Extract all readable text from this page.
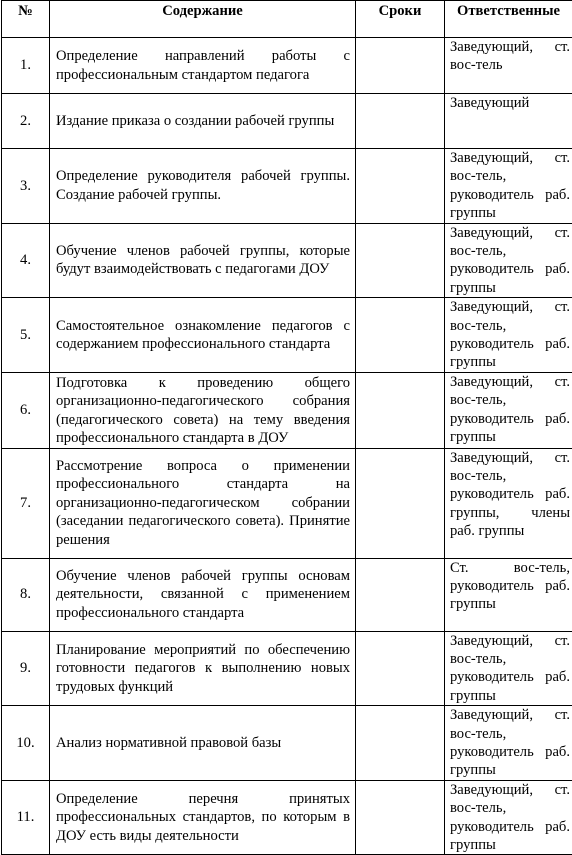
№	Содержание	Сроки	Ответственные
1.	Определение направлений работы с профессиональным стандартом педагога		Заведующий, ст. вос-тель

2.	Издание приказа о создании рабочей группы		Заведующий

3.	Определение руководителя рабочей группы. Создание рабочей группы.		Заведующий, ст. вос-тель, руководитель раб. группы

4.	Обучение членов рабочей группы, которые будут взаимодействовать с педагогами ДОУ		Заведующий, ст. вос-тель, руководитель раб. группы

5.	Самостоятельное ознакомление педагогов с содержанием профессионального стандарта		Заведующий, ст. вос-тель, руководитель раб. группы

6.	Подготовка к проведению общего организационно-педагогического собрания (педагогического совета) на тему введения профессионального стандарта в ДОУ		Заведующий, ст. вос-тель, руководитель раб. группы

7.	Рассмотрение вопроса о применении профессионального стандарта на организационно-педагогическом собрании (заседании педагогического совета). Принятие решения		Заведующий, ст. вос-тель, руководитель раб. группы, члены раб. группы

8.	Обучение членов рабочей группы основам деятельности, связанной с применением профессионального стандарта		Ст. вос-тель, руководитель раб. группы

9.	Планирование мероприятий по обеспечению готовности педагогов к выполнению новых трудовых функций		Заведующий, ст. вос-тель, руководитель раб. группы

10.	Анализ нормативной правовой базы		Заведующий, ст. вос-тель, руководитель раб. группы

11.	Определение перечня принятых профессиональных стандартов, по которым в ДОУ есть виды деятельности		Заведующий, ст. вос-тель, руководитель раб. группы
